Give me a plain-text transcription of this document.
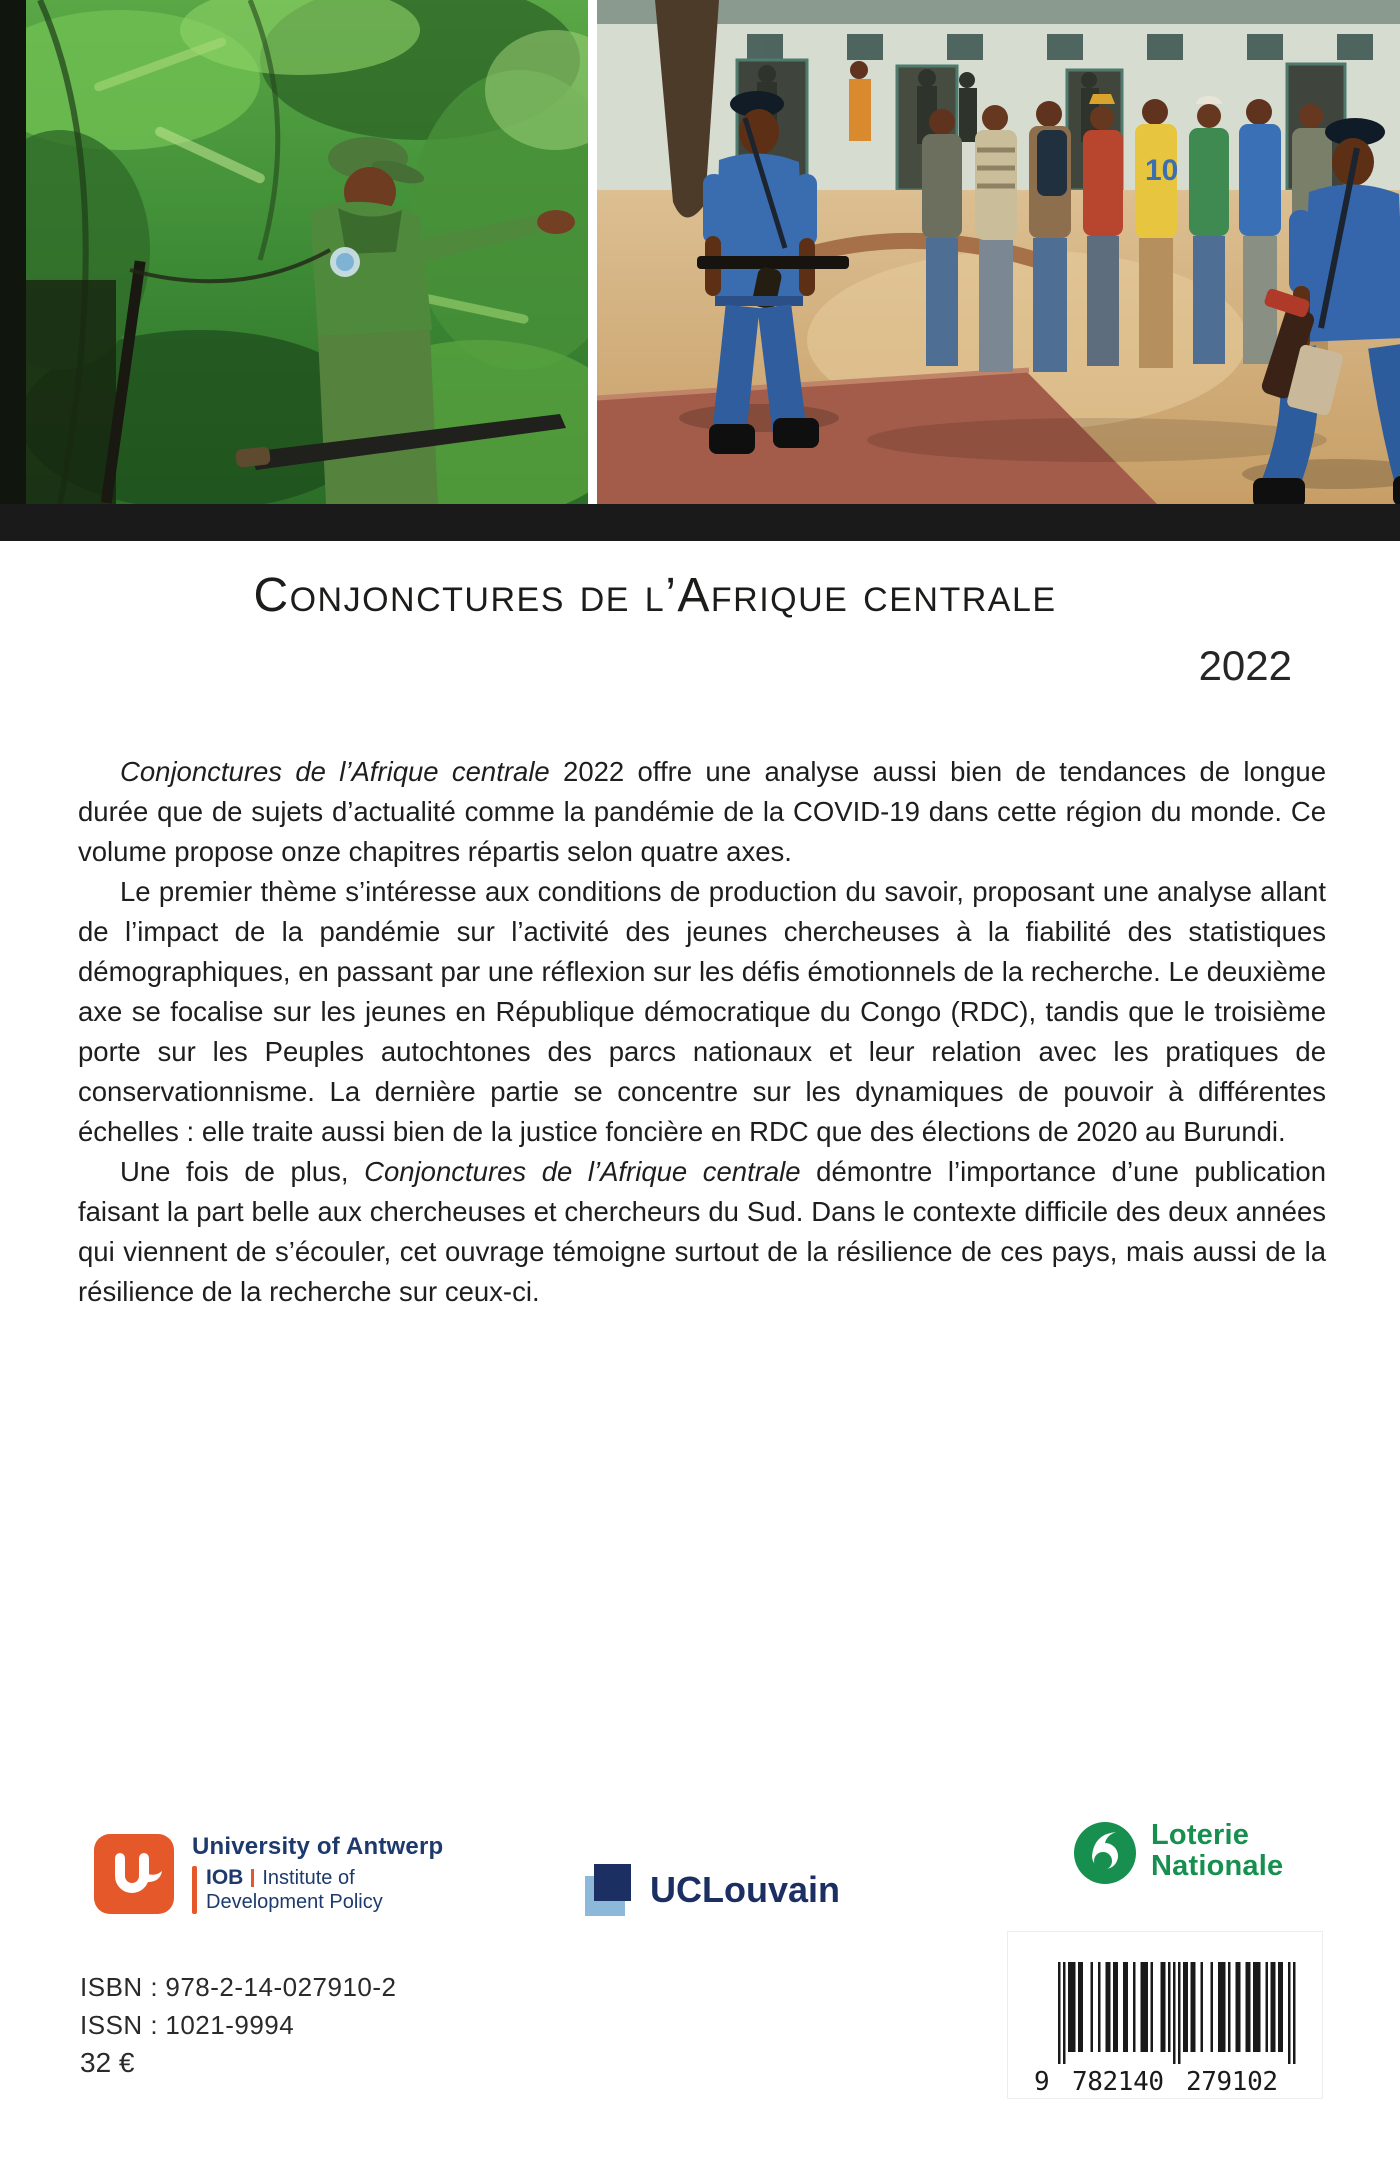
10
Conjonctures de l’Afrique centrale
2022

Conjonctures de l’Afrique centrale 2022 offre une analyse aussi bien de tendances de longue durée que de sujets d’actualité comme la pandémie de la COVID-19 dans cette région du monde. Ce volume propose onze chapitres répartis selon quatre axes.

Le premier thème s’intéresse aux conditions de production du savoir, proposant une analyse allant de l’impact de la pandémie sur l’activité des jeunes chercheuses à la fiabilité des statistiques démographiques, en passant par une réflexion sur les défis émotionnels de la recherche. Le deuxième axe se focalise sur les jeunes en République démocratique du Congo (RDC), tandis que le troisième porte sur les Peuples autochtones des parcs nationaux et leur relation avec les pratiques de conservationnisme. La dernière partie se concentre sur les dynamiques de pouvoir à différentes échelles : elle traite aussi bien de la justice foncière en RDC que des élections de 2020 au Burundi.

Une fois de plus, Conjonctures de l’Afrique centrale démontre l’importance d’une publication faisant la part belle aux chercheuses et chercheurs du Sud. Dans le contexte difficile des deux années qui viennent de s’écouler, cet ouvrage témoigne surtout de la résilience de ces pays, mais aussi de la résilience de la recherche sur ceux-ci.

University of Antwerp
IOB Institute of
Development Policy	UCLouvain
Loterie
Nationale
ISBN : 978-2-14-027910-2
ISSN : 1021-9994
32 €
9 782140 279102
